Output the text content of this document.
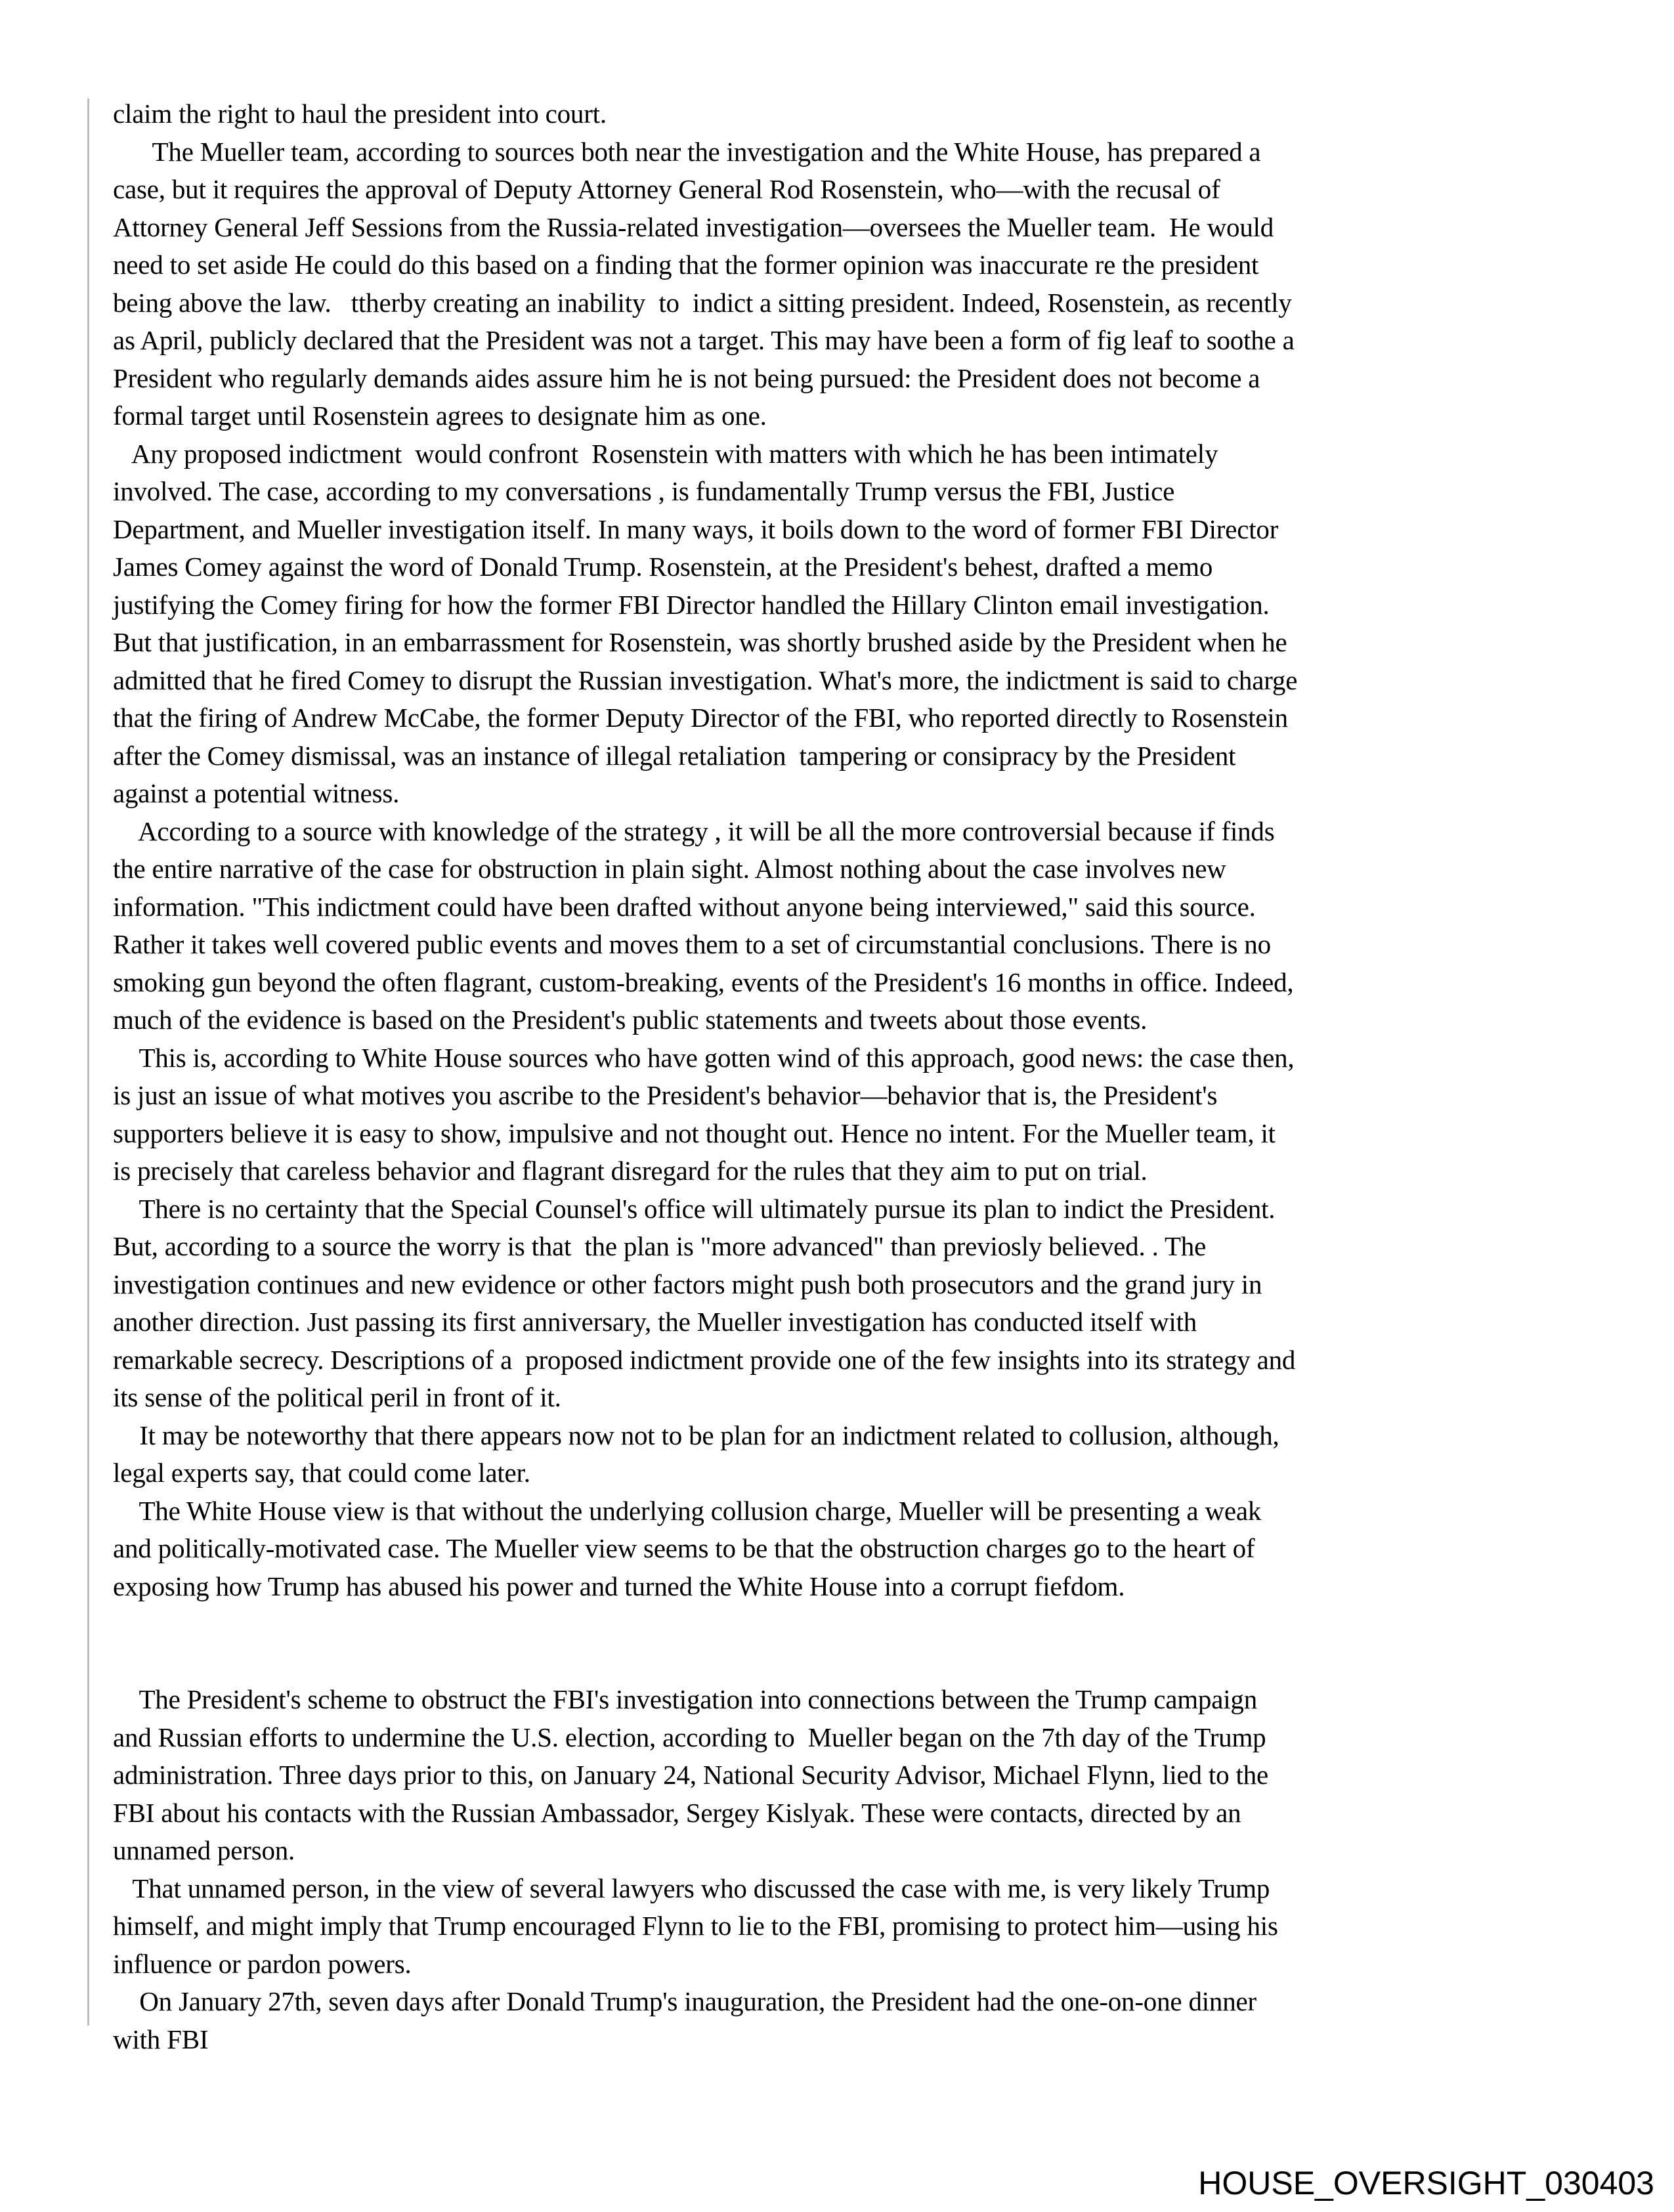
claim the right to haul the president into court.
The Mueller team, according to sources both near the investigation and the White House, has prepared a
case, but it requires the approval of Deputy Attorney General Rod Rosenstein, who—with the recusal of
Attorney General Jeff Sessions from the Russia-related investigation—oversees the Mueller team.  He would
need to set aside He could do this based on a finding that the former opinion was inaccurate re the president
being above the law.   ttherby creating an inability  to  indict a sitting president. Indeed, Rosenstein, as recently
as April, publicly declared that the President was not a target. This may have been a form of fig leaf to soothe a
President who regularly demands aides assure him he is not being pursued: the President does not become a
formal target until Rosenstein agrees to designate him as one.
Any proposed indictment  would confront  Rosenstein with matters with which he has been intimately
involved. The case, according to my conversations , is fundamentally Trump versus the FBI, Justice
Department, and Mueller investigation itself. In many ways, it boils down to the word of former FBI Director
James Comey against the word of Donald Trump. Rosenstein, at the President's behest, drafted a memo
justifying the Comey firing for how the former FBI Director handled the Hillary Clinton email investigation.
But that justification, in an embarrassment for Rosenstein, was shortly brushed aside by the President when he
admitted that he fired Comey to disrupt the Russian investigation. What's more, the indictment is said to charge
that the firing of Andrew McCabe, the former Deputy Director of the FBI, who reported directly to Rosenstein
after the Comey dismissal, was an instance of illegal retaliation  tampering or consipracy by the President
against a potential witness.
According to a source with knowledge of the strategy , it will be all the more controversial because if finds
the entire narrative of the case for obstruction in plain sight. Almost nothing about the case involves new
information. "This indictment could have been drafted without anyone being interviewed," said this source.
Rather it takes well covered public events and moves them to a set of circumstantial conclusions. There is no
smoking gun beyond the often flagrant, custom-breaking, events of the President's 16 months in office. Indeed,
much of the evidence is based on the President's public statements and tweets about those events.
This is, according to White House sources who have gotten wind of this approach, good news: the case then,
is just an issue of what motives you ascribe to the President's behavior—behavior that is, the President's
supporters believe it is easy to show, impulsive and not thought out. Hence no intent. For the Mueller team, it
is precisely that careless behavior and flagrant disregard for the rules that they aim to put on trial.
There is no certainty that the Special Counsel's office will ultimately pursue its plan to indict the President.
But, according to a source the worry is that  the plan is "more advanced" than previosly believed. . The
investigation continues and new evidence or other factors might push both prosecutors and the grand jury in
another direction. Just passing its first anniversary, the Mueller investigation has conducted itself with
remarkable secrecy. Descriptions of a  proposed indictment provide one of the few insights into its strategy and
its sense of the political peril in front of it.
It may be noteworthy that there appears now not to be plan for an indictment related to collusion, although,
legal experts say, that could come later.
The White House view is that without the underlying collusion charge, Mueller will be presenting a weak
and politically-motivated case. The Mueller view seems to be that the obstruction charges go to the heart of
exposing how Trump has abused his power and turned the White House into a corrupt fiefdom.
The President's scheme to obstruct the FBI's investigation into connections between the Trump campaign
and Russian efforts to undermine the U.S. election, according to  Mueller began on the 7th day of the Trump
administration. Three days prior to this, on January 24, National Security Advisor, Michael Flynn, lied to the
FBI about his contacts with the Russian Ambassador, Sergey Kislyak. These were contacts, directed by an
unnamed person.
That unnamed person, in the view of several lawyers who discussed the case with me, is very likely Trump
himself, and might imply that Trump encouraged Flynn to lie to the FBI, promising to protect him—using his
influence or pardon powers.
On January 27th, seven days after Donald Trump's inauguration, the President had the one-on-one dinner
with FBI
HOUSE_OVERSIGHT_030403
